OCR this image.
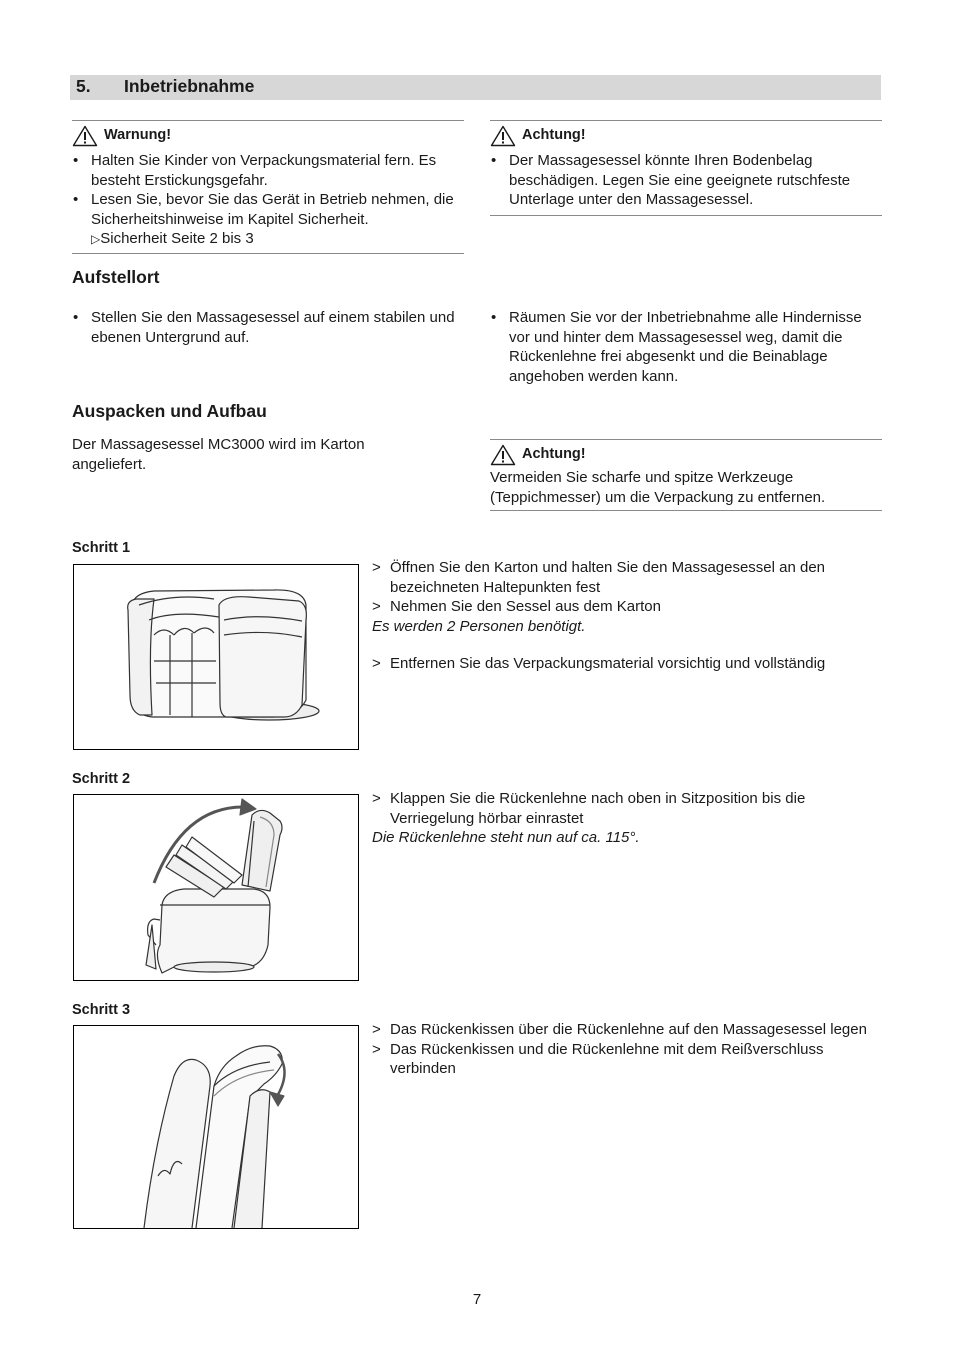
5. Inbetriebnahme
Warnung!
• Halten Sie Kinder von Verpackungsmaterial fern. Es besteht Erstickungsgefahr.
• Lesen Sie, bevor Sie das Gerät in Betrieb nehmen, die Sicherheitshinweise im Kapitel Sicherheit.
▷Sicherheit Seite 2 bis 3
Achtung!
• Der Massagesessel könnte Ihren Bodenbelag beschädigen. Legen Sie eine geeignete rutschfeste Unterlage unter den Massagesessel.
Aufstellort
• Stellen Sie den Massagesessel auf einem stabilen und ebenen Untergrund auf.
• Räumen Sie vor der Inbetriebnahme alle Hindernisse vor und hinter dem Massagesessel weg, damit die Rückenlehne frei abgesenkt und die Beinablage angehoben werden kann.
Auspacken und Aufbau
Der Massagesessel MC3000 wird im Karton angeliefert.
Achtung!
Vermeiden Sie scharfe und spitze Werkzeuge (Teppichmesser) um die Verpackung zu entfernen.
Schritt 1
> Öffnen Sie den Karton und halten Sie den Massagesessel an den bezeichneten Haltepunkten fest
> Nehmen Sie den Sessel aus dem Karton
Es werden 2 Personen benötigt.
> Entfernen Sie das Verpackungsmaterial vorsichtig und vollständig
Schritt 2
> Klappen Sie die Rückenlehne nach oben in Sitzposition bis die Verriegelung hörbar einrastet
Die Rückenlehne steht nun auf ca. 115°.
Schritt 3
> Das Rückenkissen über die Rückenlehne auf den Massagesessel legen
> Das Rückenkissen und die Rückenlehne mit dem Reißverschluss verbinden
7
